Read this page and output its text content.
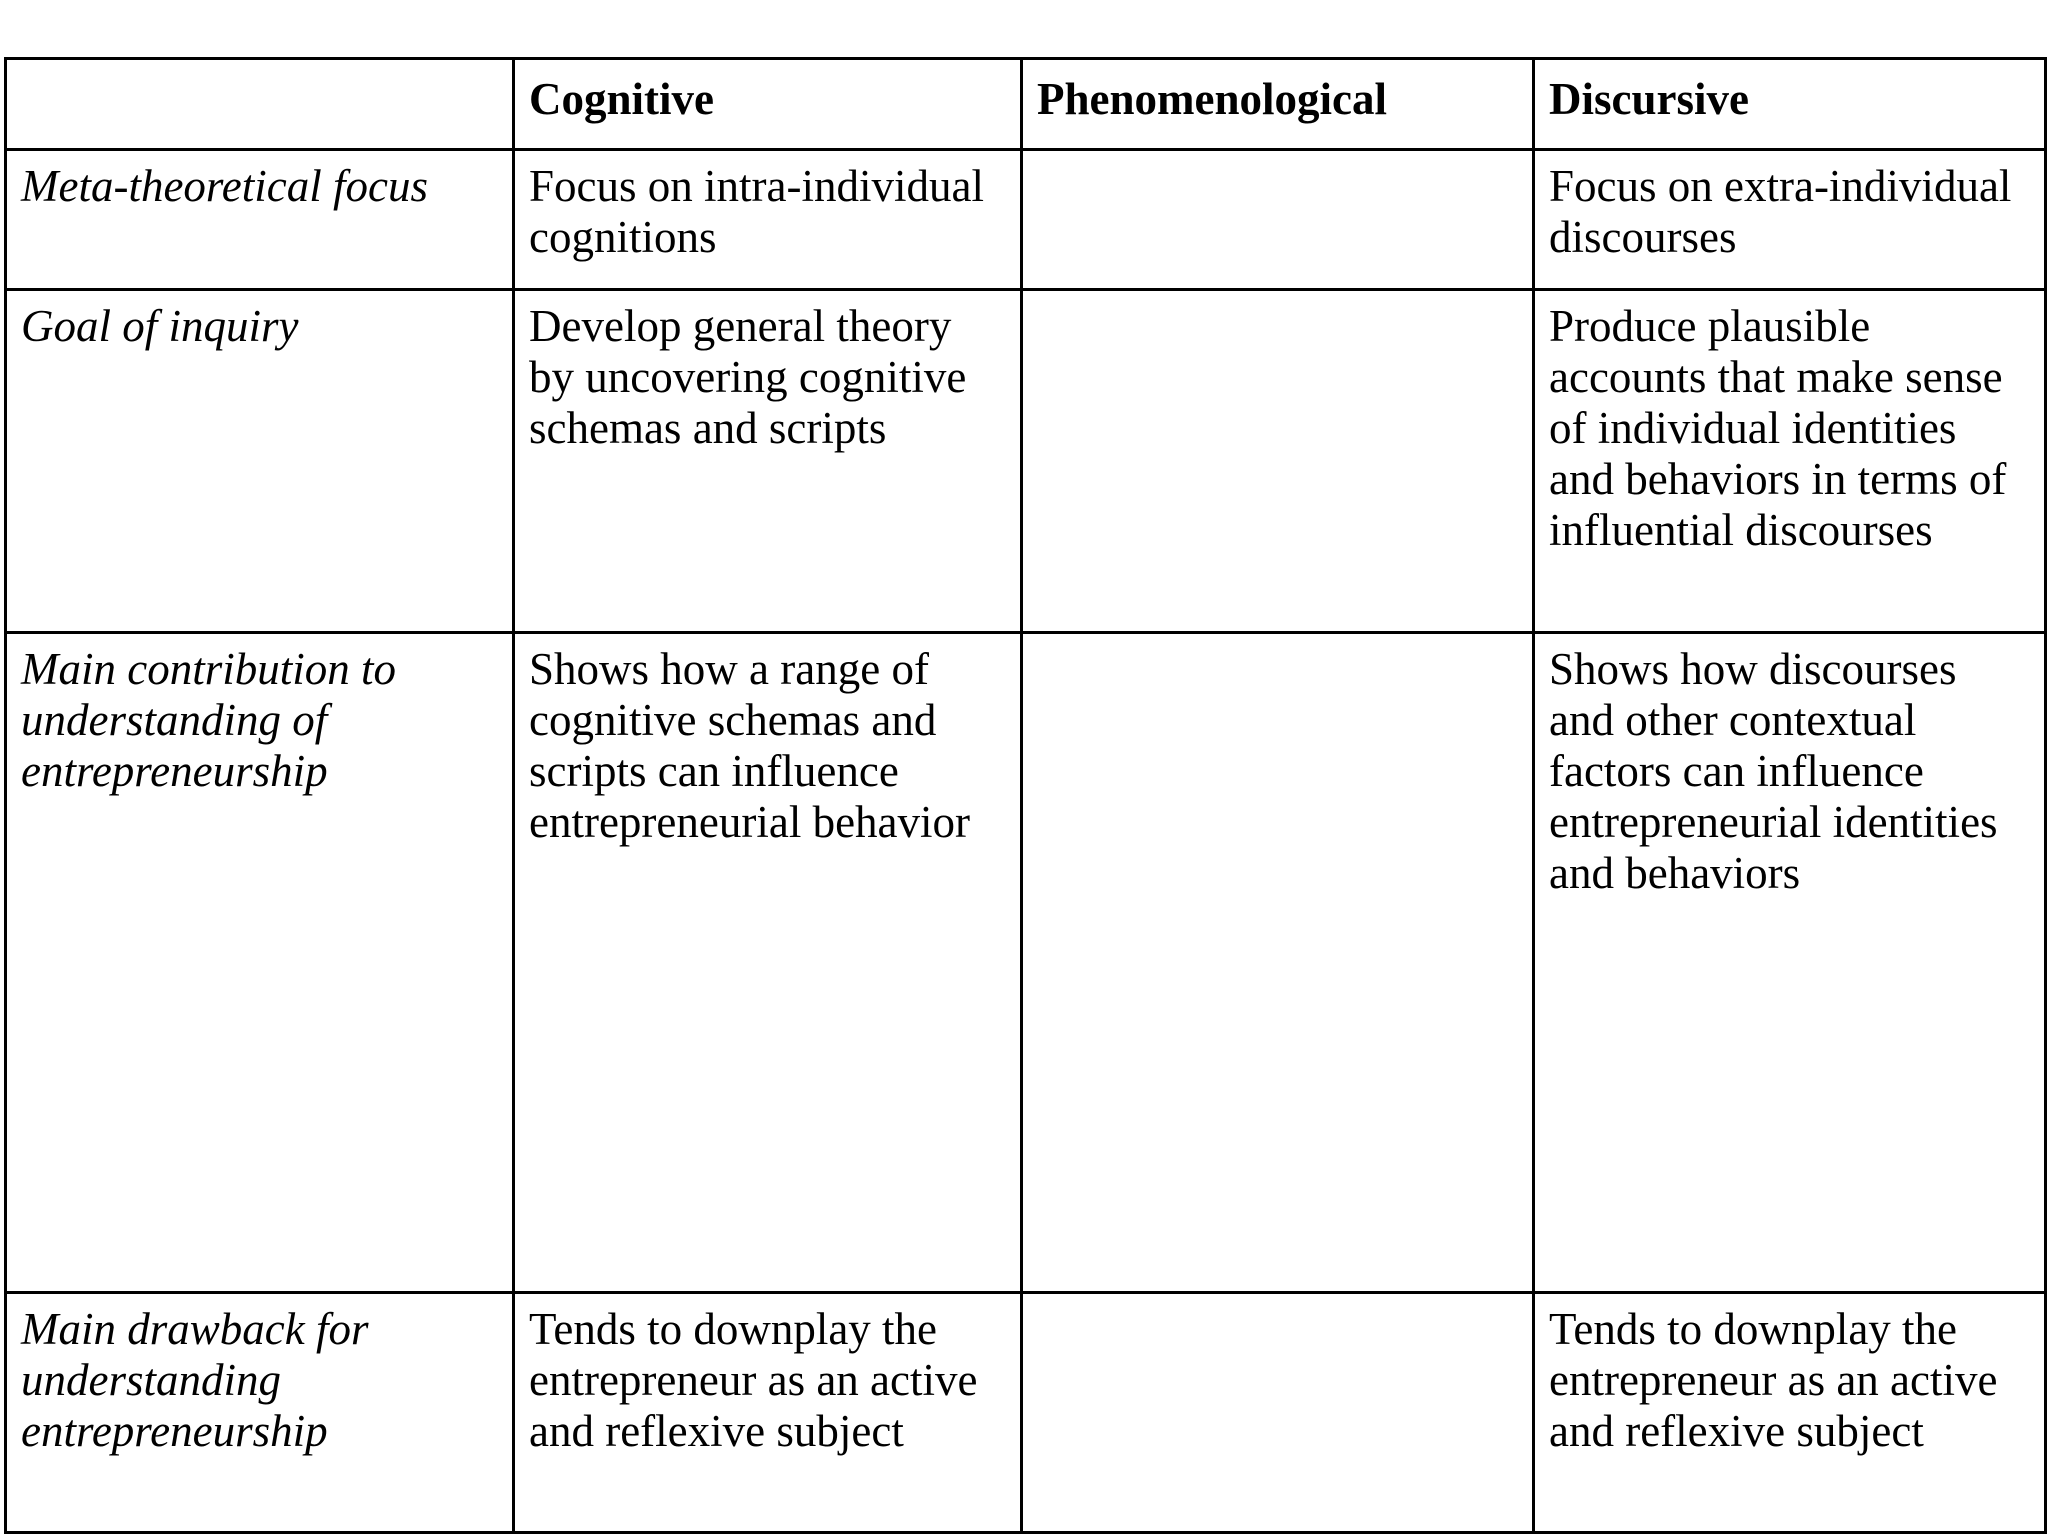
	Cognitive	Phenomenological	Discursive
Meta-theoretical focus	Focus on intra-individual cognitions		Focus on extra-individual discourses
Goal of inquiry	Develop general theory by uncovering cognitive schemas and scripts		Produce plausible accounts that make sense of individual identities and behaviors in terms of influential discourses
Main contribution to understanding of entrepreneurship	Shows how a range of cognitive schemas and scripts can influence entrepreneurial behavior		Shows how discourses and other contextual factors can influence entrepreneurial identities and behaviors
Main drawback for understanding entrepreneurship	Tends to downplay the entrepreneur as an active and reflexive subject		Tends to downplay the entrepreneur as an active and reflexive subject
